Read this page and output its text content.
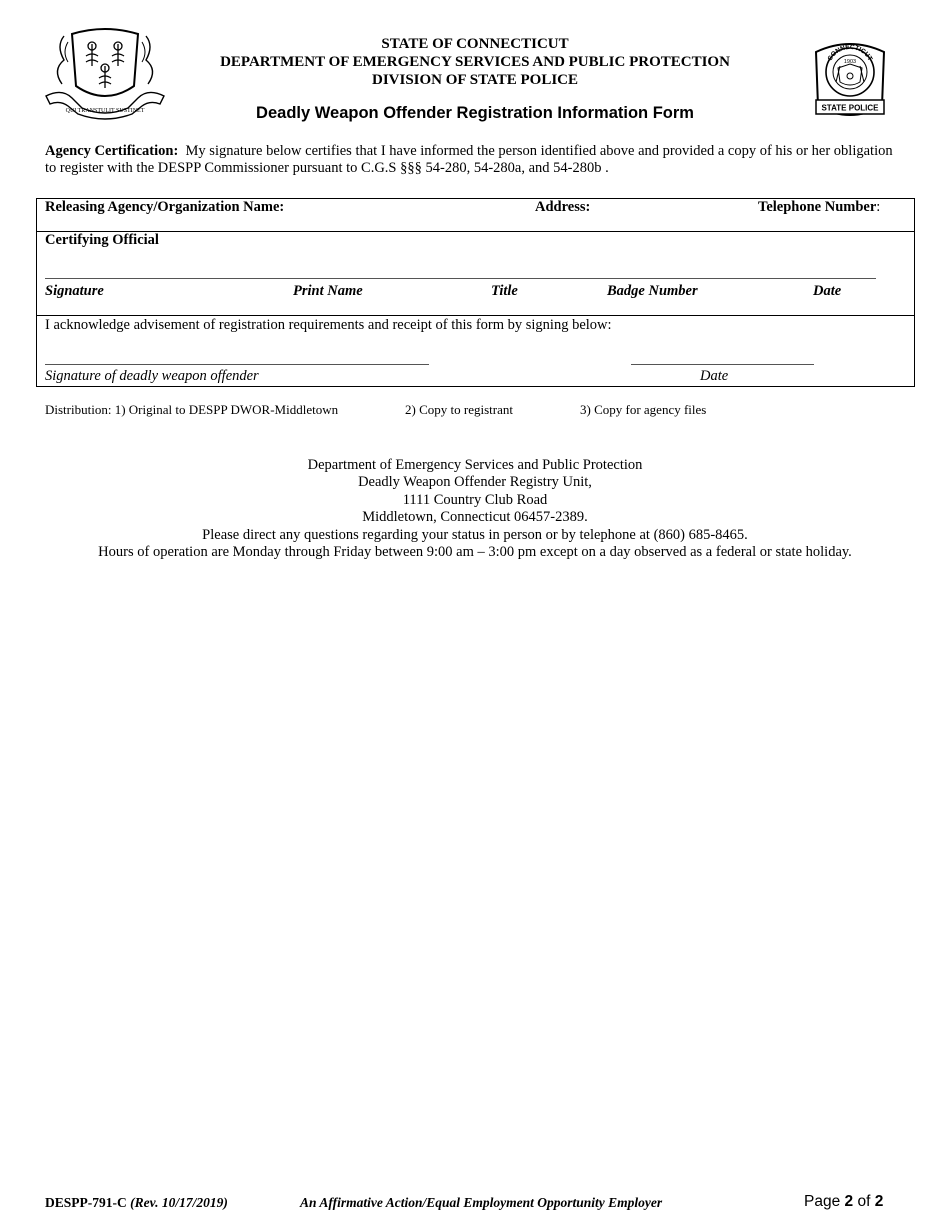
QUI TRANSTULIT SUSTINET
STATE OF CONNECTICUT
DEPARTMENT OF EMERGENCY SERVICES AND PUBLIC PROTECTION
DIVISION OF STATE POLICE
Deadly Weapon Offender Registration Information Form
CONNECTICUT
1903
STATE POLICE
Agency Certification: My signature below certifies that I have informed the person identified above and provided a copy of his or her obligation to register with the DESPP Commissioner pursuant to C.G.S §§§ 54-280, 54-280a, and 54-280b .
Releasing Agency/Organization Name:	Address:	Telephone Number:
Certifying Official
Signature	Print Name	Title	Badge Number	Date
I acknowledge advisement of registration requirements and receipt of this form by signing below:
Signature of deadly weapon offender	Date
Distribution: 1) Original to DESPP DWOR-Middletown	2) Copy to registrant	3) Copy for agency files
Department of Emergency Services and Public Protection
Deadly Weapon Offender Registry Unit,
1111 Country Club Road
Middletown, Connecticut 06457-2389.
Please direct any questions regarding your status in person or by telephone at (860) 685-8465.
Hours of operation are Monday through Friday between 9:00 am – 3:00 pm except on a day observed as a federal or state holiday.
DESPP-791-C (Rev. 10/17/2019)	An Affirmative Action/Equal Employment Opportunity Employer	Page 2 of 2
